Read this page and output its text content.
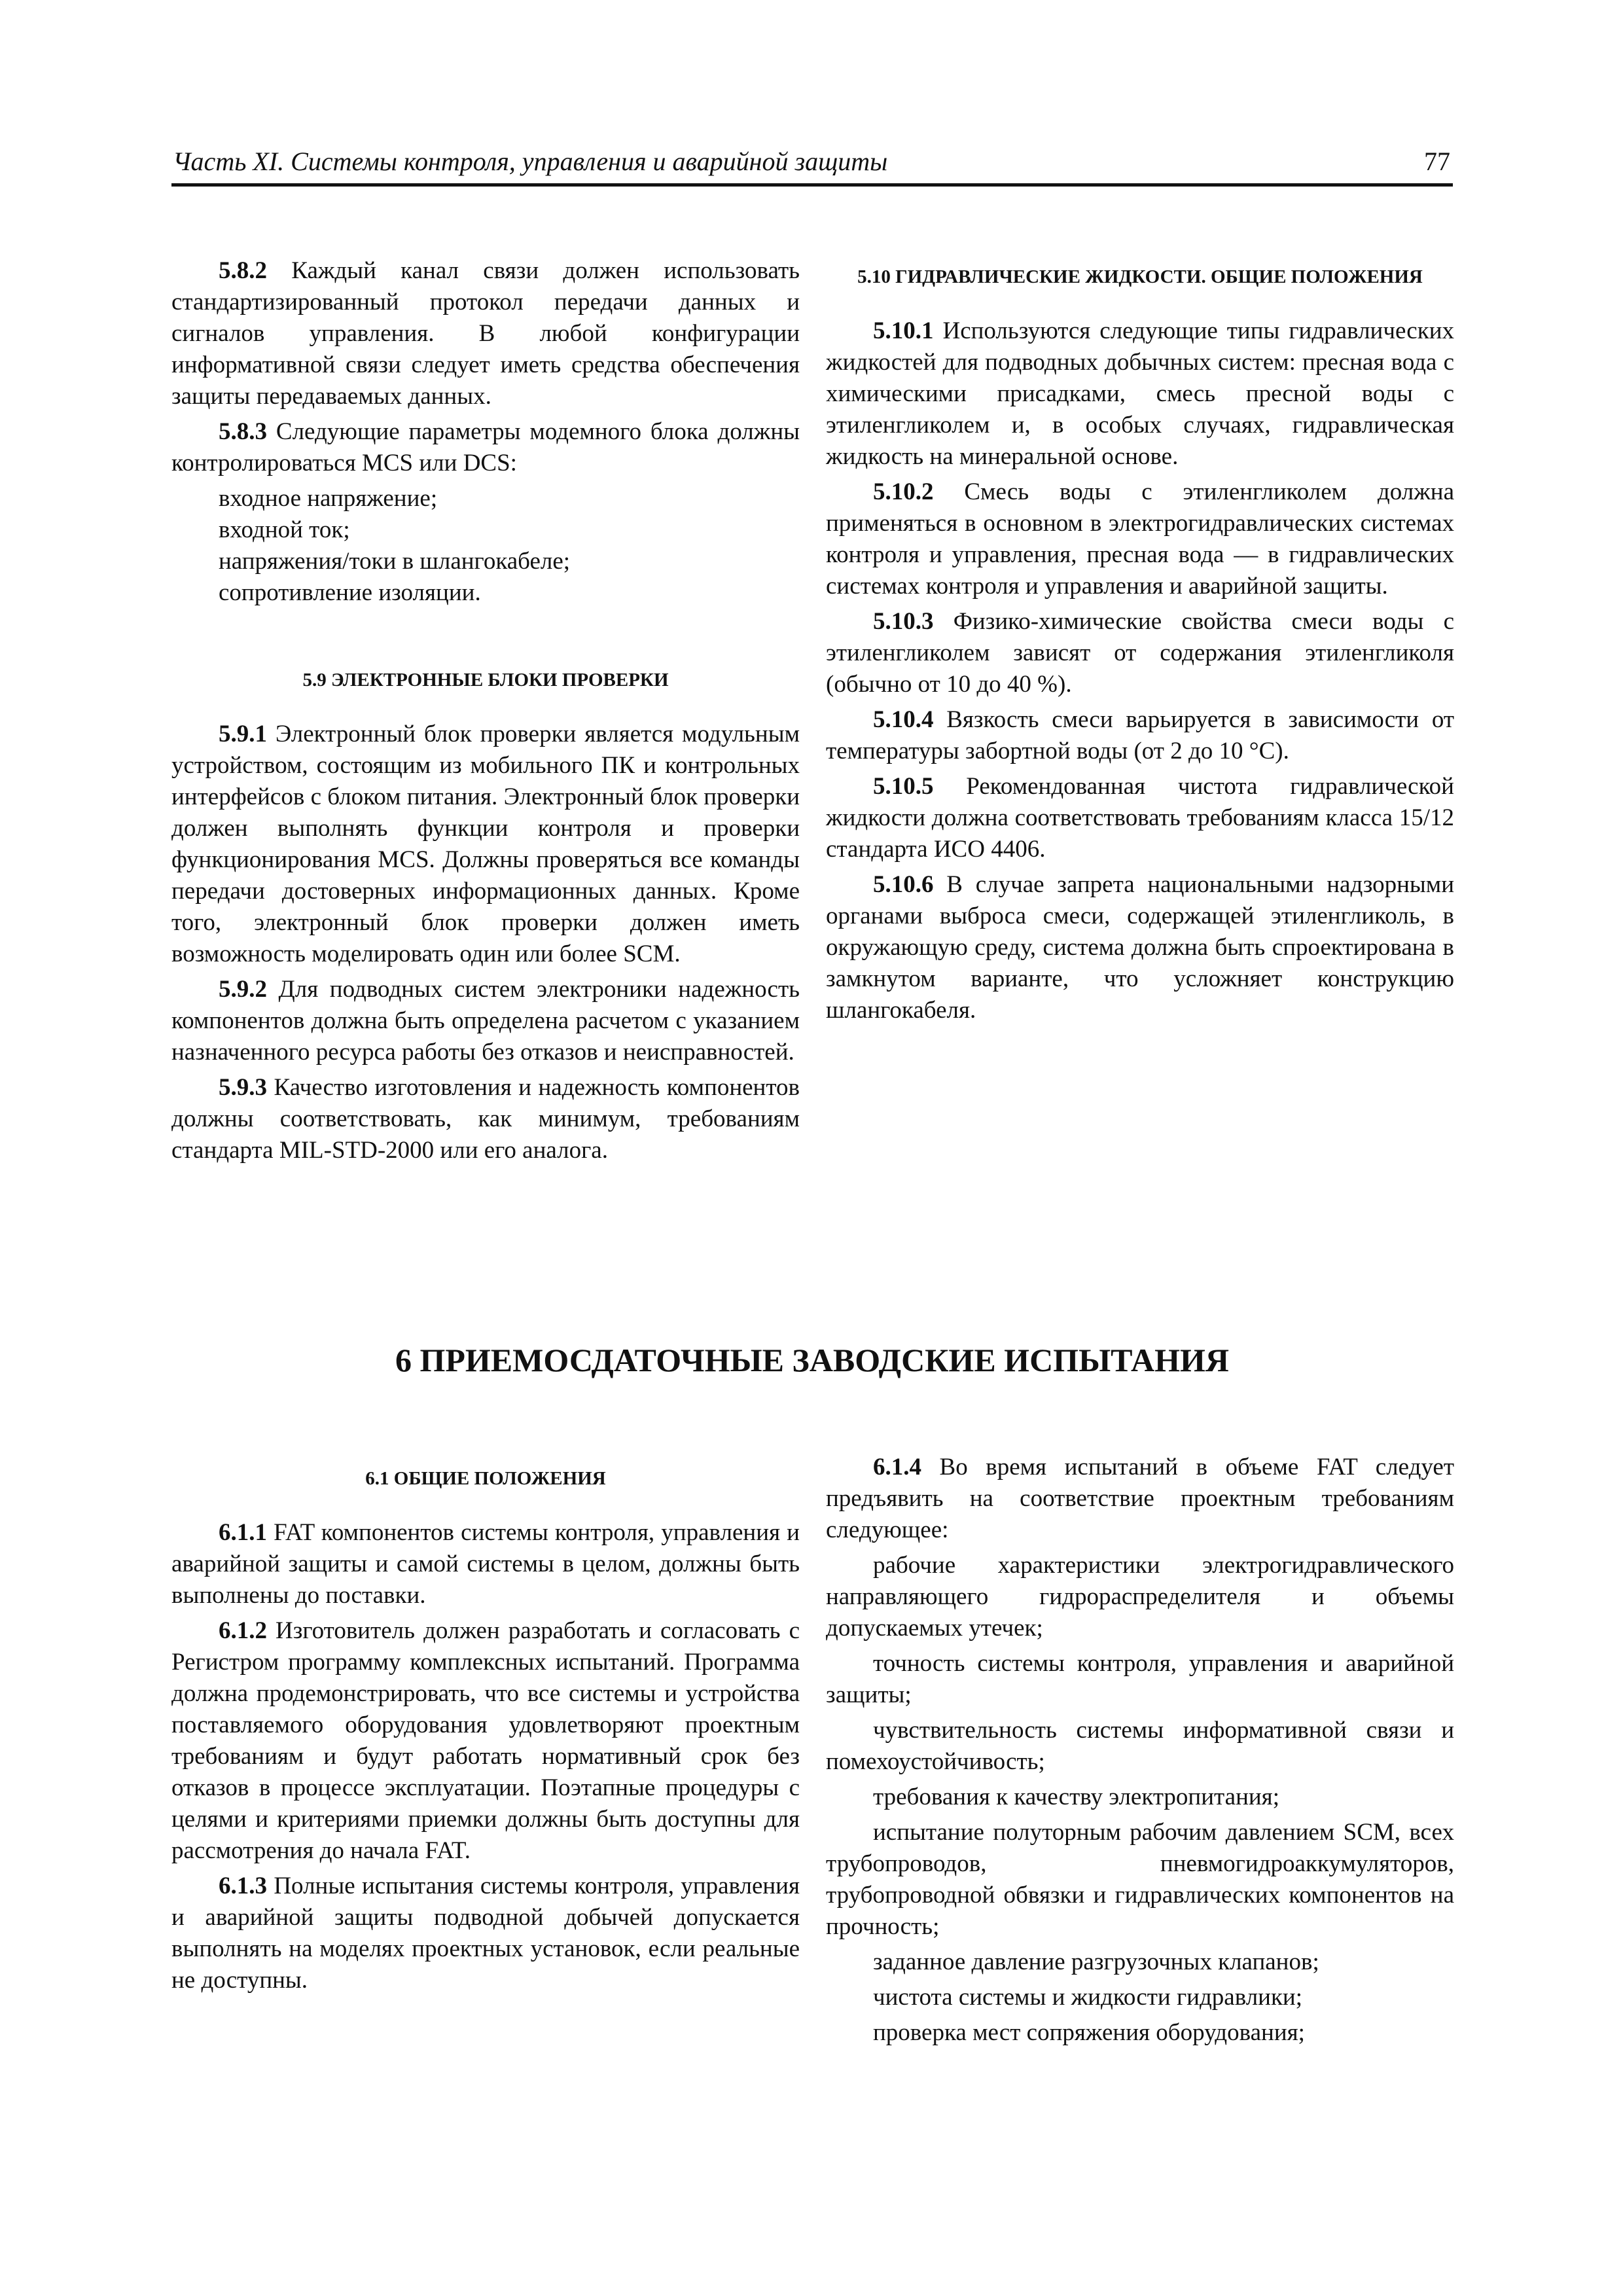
Часть XI. Системы контроля, управления и аварийной защиты	77

5.8.2 Каждый канал связи должен использовать стандартизированный протокол передачи данных и сигналов управления. В любой конфигурации информативной связи следует иметь средства обеспечения защиты передаваемых данных.

5.8.3 Следующие параметры модемного блока должны контролироваться MCS или DCS:

входное напряжение;

входной ток;

напряжения/токи в шлангокабеле;

сопротивление изоляции.

5.9 ЭЛЕКТРОННЫЕ БЛОКИ ПРОВЕРКИ

5.9.1 Электронный блок проверки является модульным устройством, состоящим из мобильного ПК и контрольных интерфейсов с блоком питания. Электронный блок проверки должен выполнять функции контроля и проверки функционирования MCS. Должны проверяться все команды передачи достоверных информационных данных. Кроме того, электронный блок проверки должен иметь возможность моделировать один или более SCM.

5.9.2 Для подводных систем электроники надежность компонентов должна быть определена расчетом с указанием назначенного ресурса работы без отказов и неисправностей.

5.9.3 Качество изготовления и надежность компонентов должны соответствовать, как минимум, требованиям стандарта MIL-STD-2000 или его аналога.

5.10 ГИДРАВЛИЧЕСКИЕ ЖИДКОСТИ. ОБЩИЕ ПОЛОЖЕНИЯ

5.10.1 Используются следующие типы гидравлических жидкостей для подводных добычных систем: пресная вода с химическими присадками, смесь пресной воды с этиленгликолем и, в особых случаях, гидравлическая жидкость на минеральной основе.

5.10.2 Смесь воды с этиленгликолем должна применяться в основном в электрогидравлических системах контроля и управления, пресная вода — в гидравлических системах контроля и управления и аварийной защиты.

5.10.3 Физико-химические свойства смеси воды с этиленгликолем зависят от содержания этиленгликоля (обычно от 10 до 40 %).

5.10.4 Вязкость смеси варьируется в зависимости от температуры забортной воды (от 2 до 10 °C).

5.10.5 Рекомендованная чистота гидравлической жидкости должна соответствовать требованиям класса 15/12 стандарта ИСО 4406.

5.10.6 В случае запрета национальными надзорными органами выброса смеси, содержащей этиленгликоль, в окружающую среду, система должна быть спроектирована в замкнутом варианте, что усложняет конструкцию шлангокабеля.

6 ПРИЕМОСДАТОЧНЫЕ ЗАВОДСКИЕ ИСПЫТАНИЯ

6.1 ОБЩИЕ ПОЛОЖЕНИЯ

6.1.1 FAT компонентов системы контроля, управления и аварийной защиты и самой системы в целом, должны быть выполнены до поставки.

6.1.2 Изготовитель должен разработать и согласовать с Регистром программу комплексных испытаний. Программа должна продемонстрировать, что все системы и устройства поставляемого оборудования удовлетворяют проектным требованиям и будут работать нормативный срок без отказов в процессе эксплуатации. Поэтапные процедуры с целями и критериями приемки должны быть доступны для рассмотрения до начала FAT.

6.1.3 Полные испытания системы контроля, управления и аварийной защиты подводной добычей допускается выполнять на моделях проектных установок, если реальные не доступны.

6.1.4 Во время испытаний в объеме FAT следует предъявить на соответствие проектным требованиям следующее:

рабочие характеристики электрогидравлического направляющего гидрораспределителя и объемы допускаемых утечек;

точность системы контроля, управления и аварийной защиты;

чувствительность системы информативной связи и помехоустойчивость;

требования к качеству электропитания;

испытание полуторным рабочим давлением SCM, всех трубопроводов, пневмогидроаккумуляторов, трубопроводной обвязки и гидравлических компонентов на прочность;

заданное давление разгрузочных клапанов;

чистота системы и жидкости гидравлики;

проверка мест сопряжения оборудования;
